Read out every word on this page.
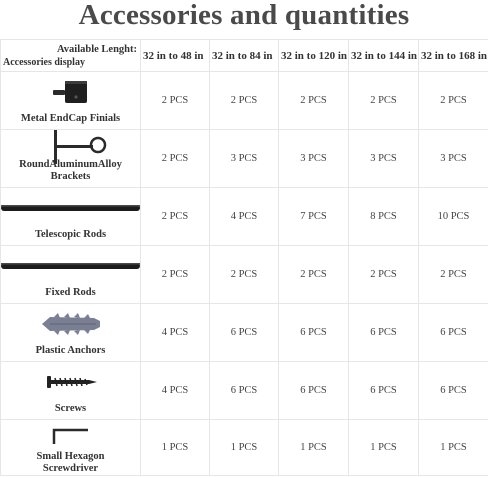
Accessories and quantities
Available Lenght:
Accessories display	32 in to 48 in	32 in to 84 in	32 in to 120 in	32 in to 144 in	32 in to 168 in

Metal EndCap Finials	2 PCS	2 PCS	2 PCS	2 PCS	2 PCS

RoundAluminumAlloy Brackets	2 PCS	3 PCS	3 PCS	3 PCS	3 PCS

Telescopic Rods	2 PCS	4 PCS	7 PCS	8 PCS	10 PCS

Fixed Rods	2 PCS	2 PCS	2 PCS	2 PCS	2 PCS

Plastic Anchors	4 PCS	6 PCS	6 PCS	6 PCS	6 PCS

Screws	4 PCS	6 PCS	6 PCS	6 PCS	6 PCS

Small Hexagon Screwdriver	1 PCS	1 PCS	1 PCS	1 PCS	1 PCS
